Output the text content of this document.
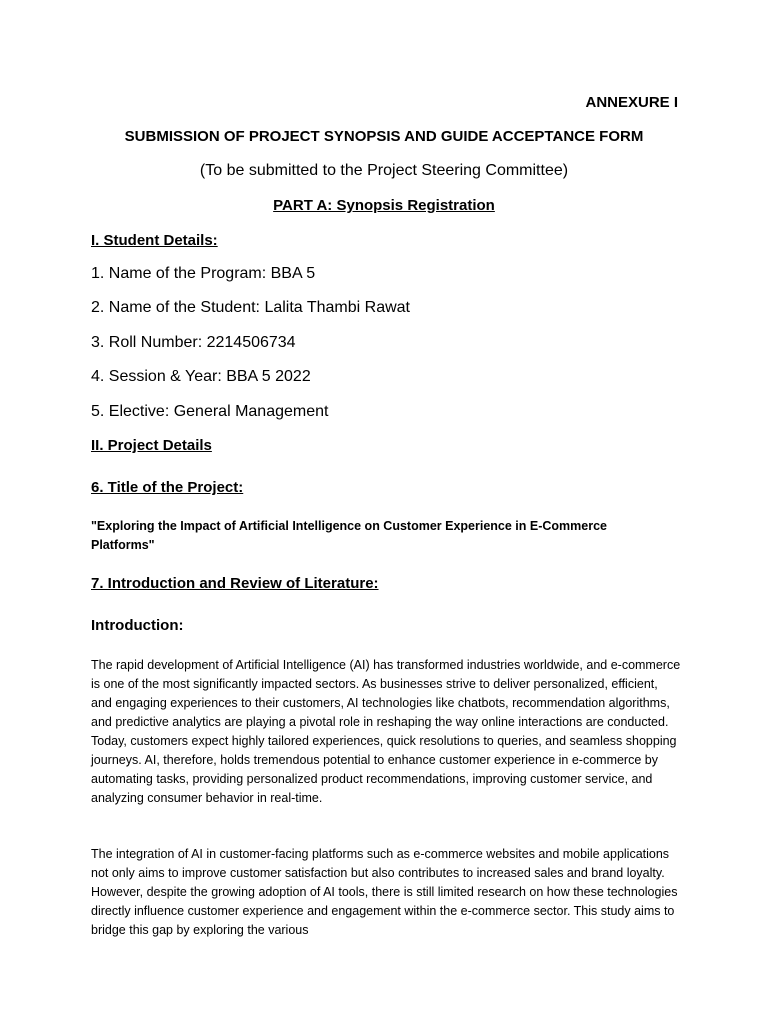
ANNEXURE I

SUBMISSION OF PROJECT SYNOPSIS AND GUIDE ACCEPTANCE FORM

(To be submitted to the Project Steering Committee)

PART A: Synopsis Registration

I. Student Details:

1. Name of the Program: BBA 5

2. Name of the Student: Lalita Thambi Rawat

3. Roll Number: 2214506734

4. Session & Year: BBA 5 2022

5. Elective: General Management

II. Project Details

6. Title of the Project:

"Exploring the Impact of Artificial Intelligence on Customer Experience in E-Commerce Platforms"

7. Introduction and Review of Literature:

Introduction:

The rapid development of Artificial Intelligence (AI) has transformed industries worldwide, and e-commerce is one of the most significantly impacted sectors. As businesses strive to deliver personalized, efficient, and engaging experiences to their customers, AI technologies like chatbots, recommendation algorithms, and predictive analytics are playing a pivotal role in reshaping the way online interactions are conducted. Today, customers expect highly tailored experiences, quick resolutions to queries, and seamless shopping journeys. AI, therefore, holds tremendous potential to enhance customer experience in e-commerce by automating tasks, providing personalized product recommendations, improving customer service, and analyzing consumer behavior in real-time.

The integration of AI in customer-facing platforms such as e-commerce websites and mobile applications not only aims to improve customer satisfaction but also contributes to increased sales and brand loyalty. However, despite the growing adoption of AI tools, there is still limited research on how these technologies directly influence customer experience and engagement within the e-commerce sector. This study aims to bridge this gap by exploring the various
